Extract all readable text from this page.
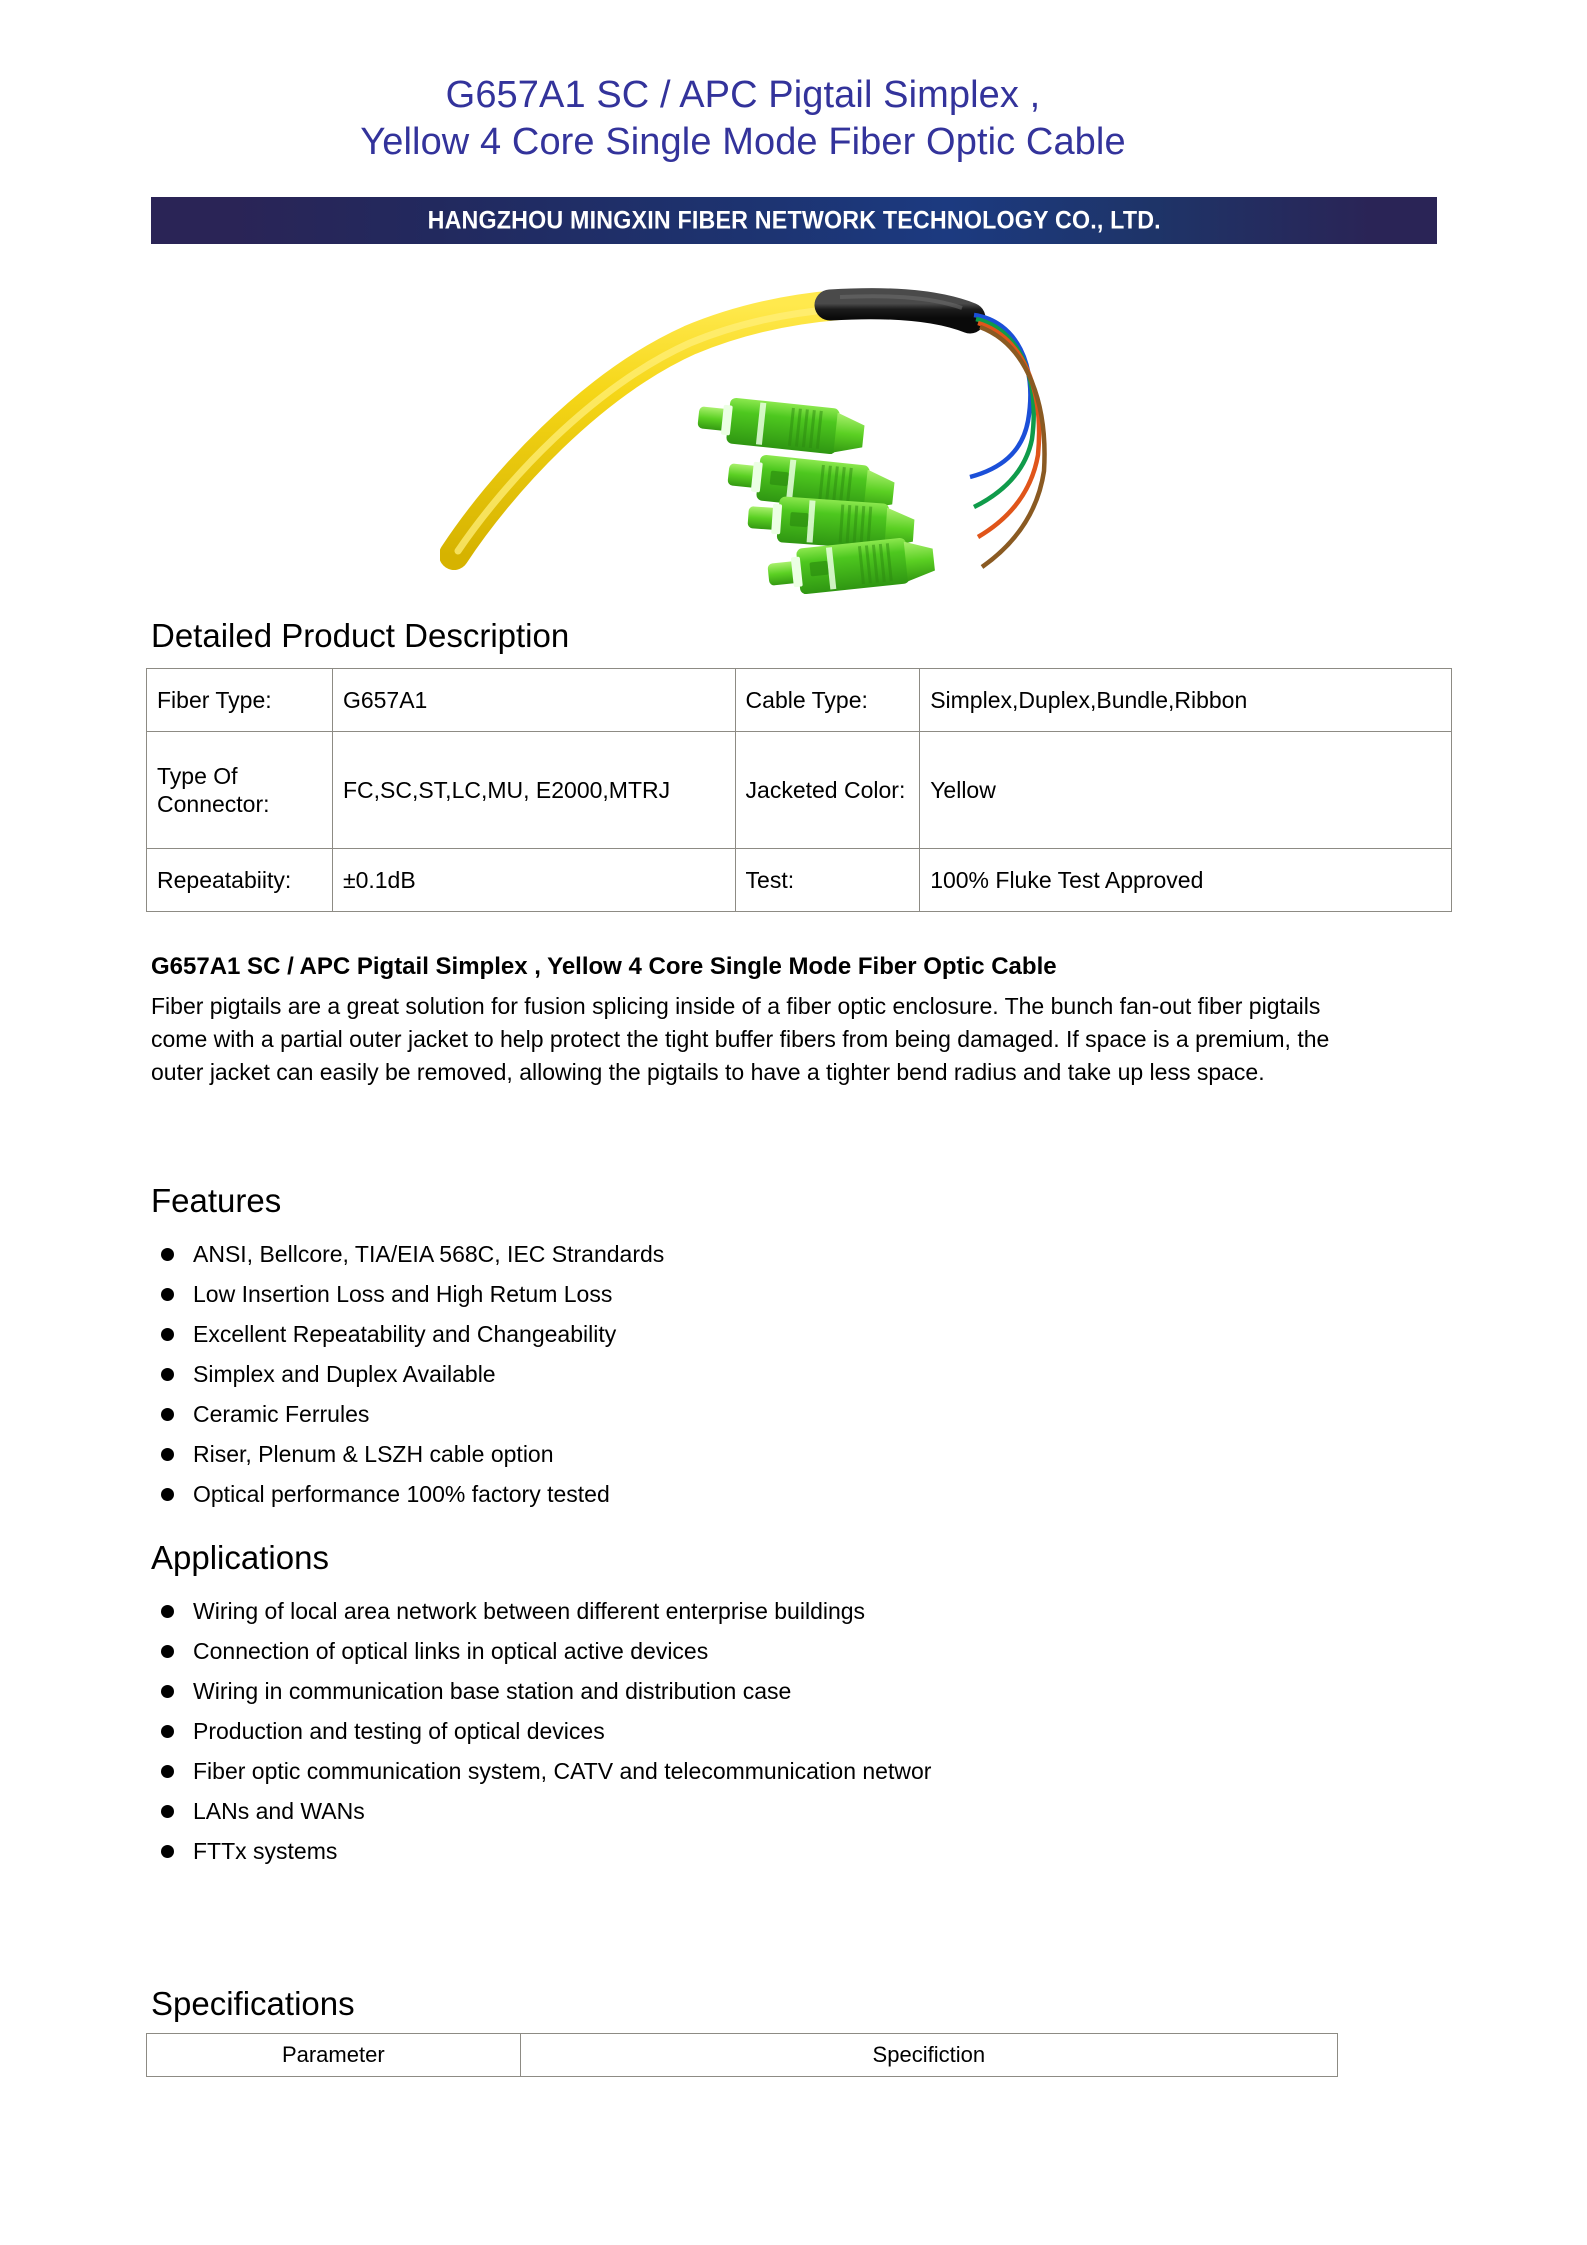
G657A1 SC / APC Pigtail Simplex ,
Yellow 4 Core Single Mode Fiber Optic Cable
HANGZHOU MINGXIN FIBER NETWORK TECHNOLOGY CO., LTD.
Detailed Product Description
Fiber Type:	G657A1	Cable Type:	Simplex,Duplex,Bundle,Ribbon
Type Of Connector:	FC,SC,ST,LC,MU, E2000,MTRJ	Jacketed Color:	Yellow
Repeatabiity:	±0.1dB	Test:	100% Fluke Test Approved
G657A1 SC / APC Pigtail Simplex , Yellow 4 Core Single Mode Fiber Optic Cable
Fiber pigtails are a great solution for fusion splicing inside of a fiber optic enclosure. The bunch fan-out fiber pigtails come with a partial outer jacket to help protect the tight buffer fibers from being damaged. If space is a premium, the outer jacket can easily be removed, allowing the pigtails to have a tighter bend radius and take up less space.
Features
ANSI, Bellcore, TIA/EIA 568C, IEC Strandards
Low Insertion Loss and High Retum Loss
Excellent Repeatability and Changeability
Simplex and Duplex Available
Ceramic Ferrules
Riser, Plenum & LSZH cable option
Optical performance 100% factory tested
Applications
Wiring of local area network between different enterprise buildings
Connection of optical links in optical active devices
Wiring in communication base station and distribution case
Production and testing of optical devices
Fiber optic communication system, CATV and telecommunication networ
LANs and WANs
FTTx systems
Specifications
Parameter	Specifiction
